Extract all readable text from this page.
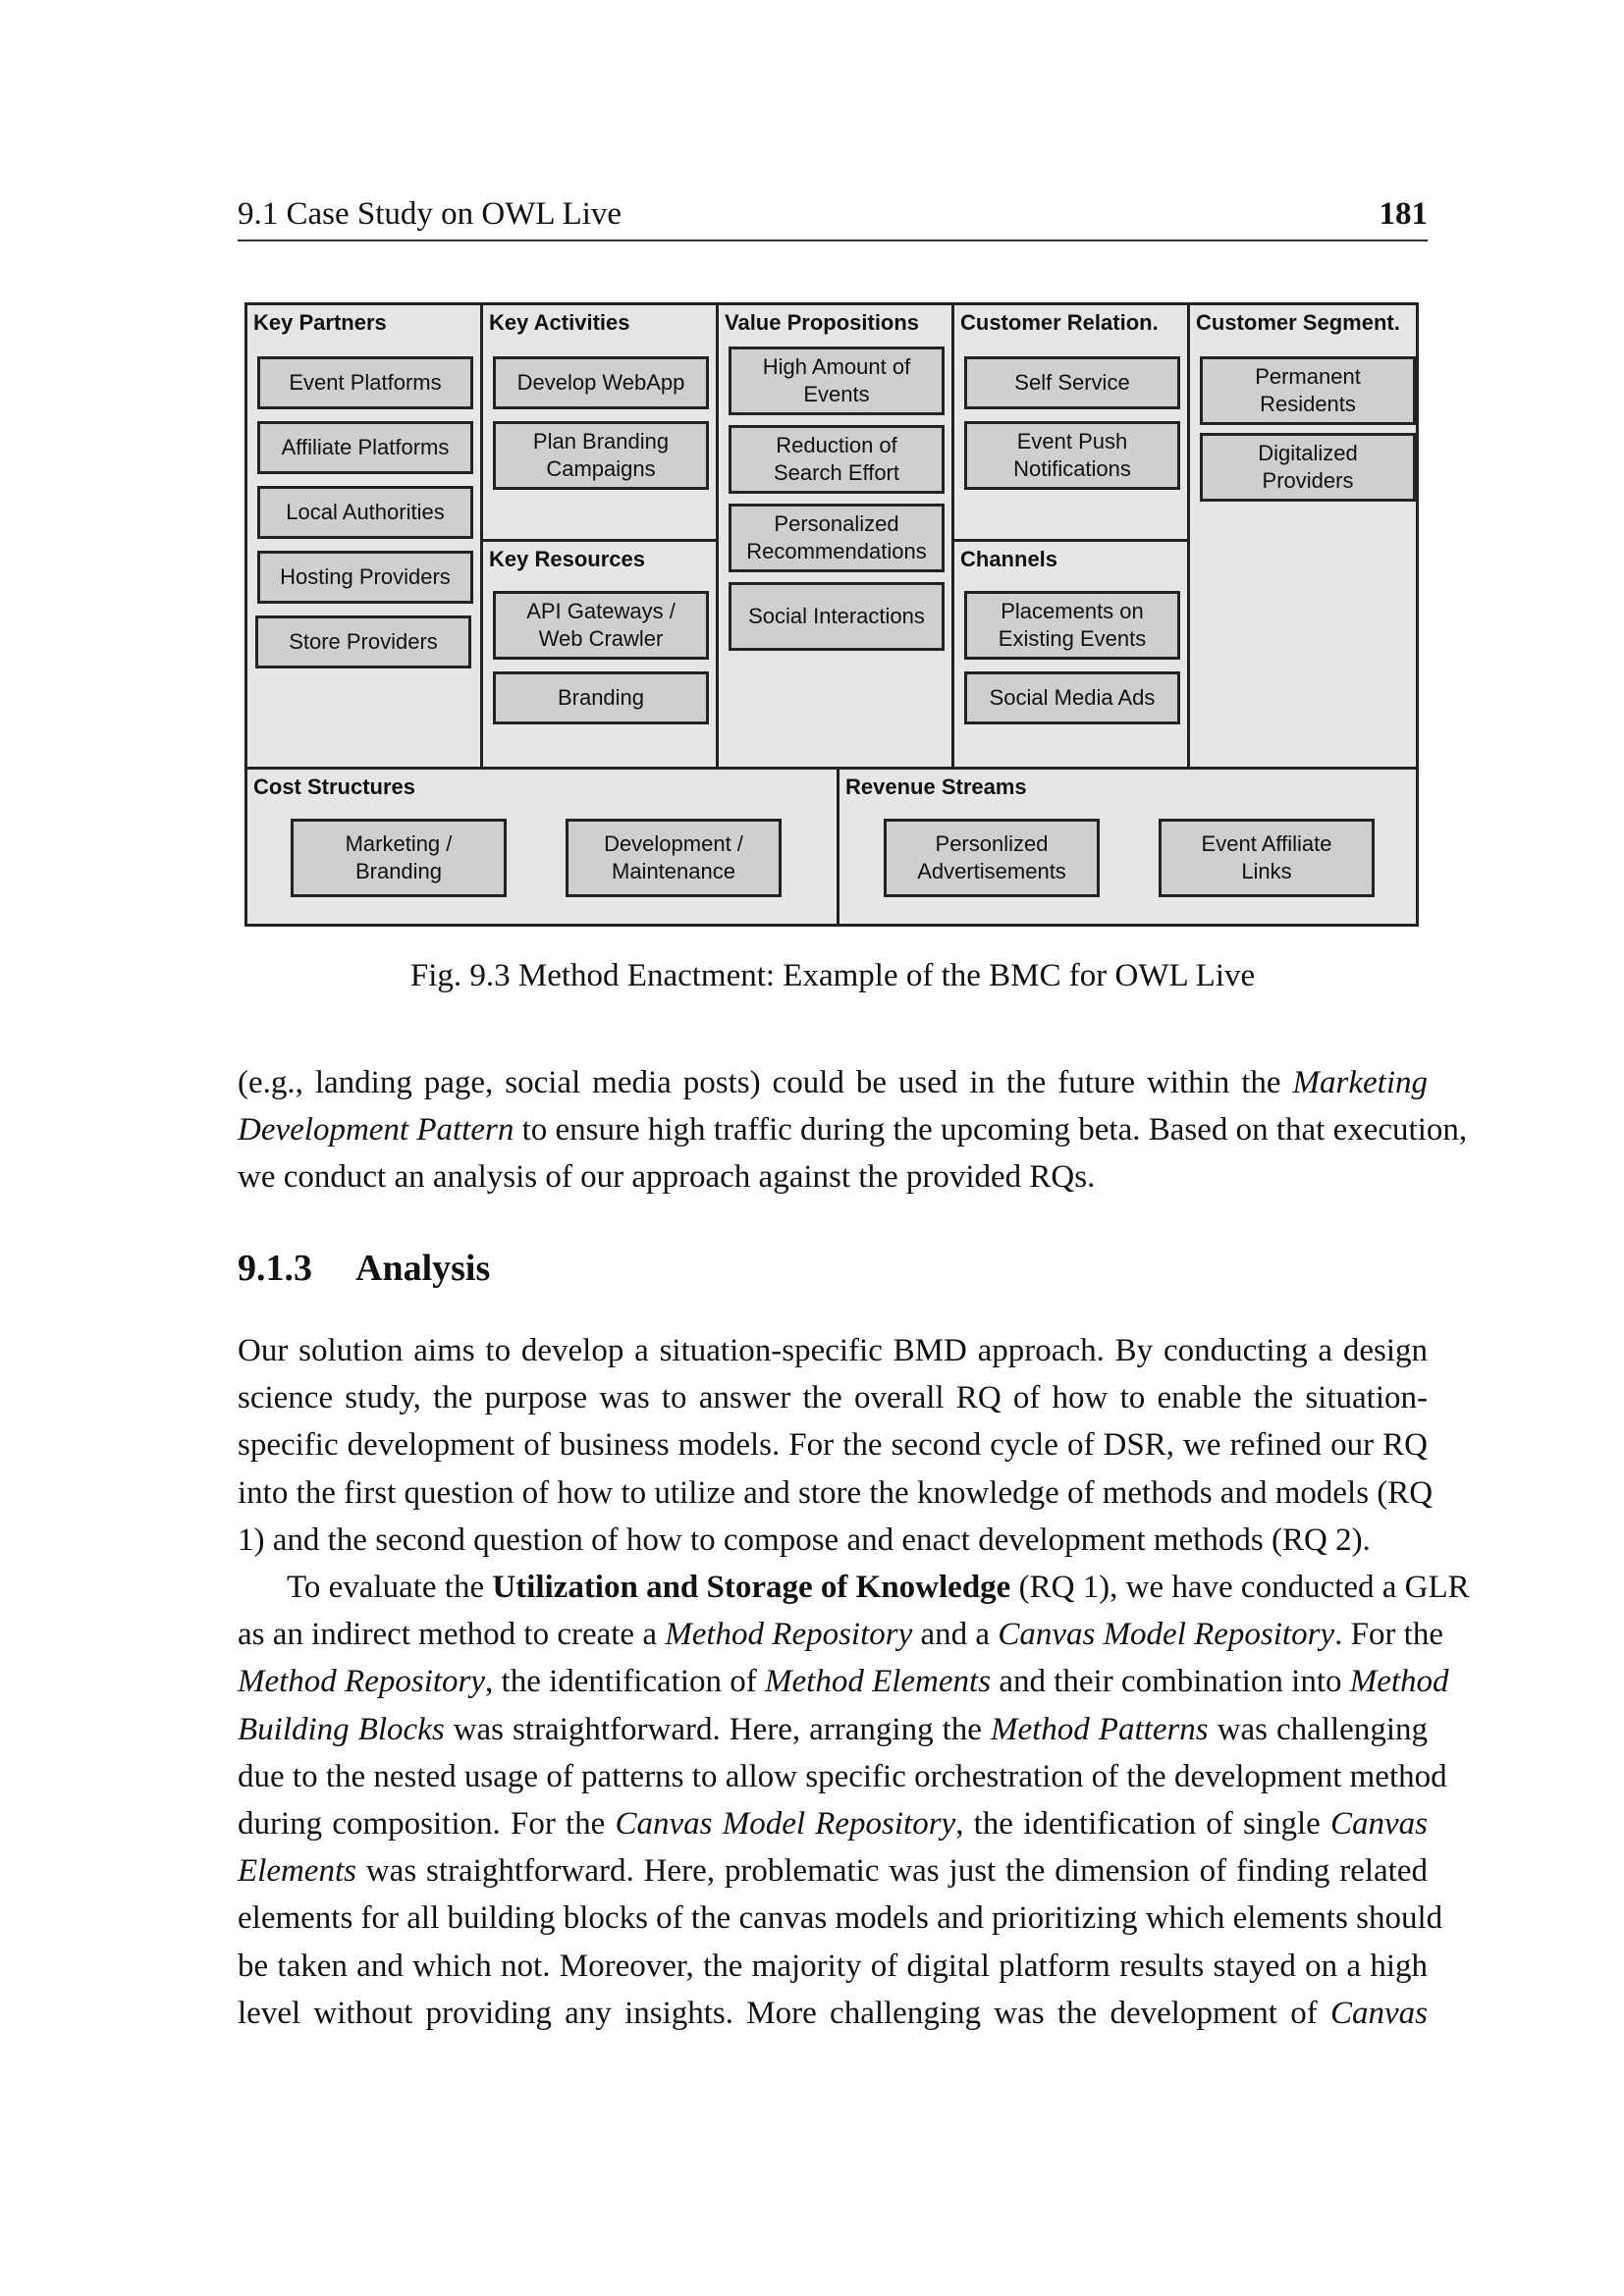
9.1 Case Study on OWL Live	181
Key Partners
Event Platforms
Affiliate Platforms
Local Authorities
Hosting Providers
Store Providers
Key Activities
Develop WebApp
Plan Branding
Campaigns
Key Resources
API Gateways /
Web Crawler
Branding
Value Propositions
High Amount of
Events
Reduction of
Search Effort
Personalized
Recommendations
Social Interactions
Customer Relation.
Self Service
Event Push
Notifications
Channels
Placements on
Existing Events
Social Media Ads
Customer Segment.
Permanent
Residents
Digitalized
Providers
Cost Structures
Marketing /
Branding
Development /
Maintenance
Revenue Streams
Personlized
Advertisements
Event Affiliate
Links
Fig. 9.3 Method Enactment: Example of the BMC for OWL Live
(e.g., landing page, social media posts) could be used in the future within the Marketing
Development Pattern to ensure high traffic during the upcoming beta. Based on that execution,
we conduct an analysis of our approach against the provided RQs.
9.1.3 Analysis
Our solution aims to develop a situation-specific BMD approach. By conducting a design
science study, the purpose was to answer the overall RQ of how to enable the situation-
specific development of business models. For the second cycle of DSR, we refined our RQ
into the first question of how to utilize and store the knowledge of methods and models (RQ
1) and the second question of how to compose and enact development methods (RQ 2).
To evaluate the Utilization and Storage of Knowledge (RQ 1), we have conducted a GLR
as an indirect method to create a Method Repository and a Canvas Model Repository. For the
Method Repository, the identification of Method Elements and their combination into Method
Building Blocks was straightforward. Here, arranging the Method Patterns was challenging
due to the nested usage of patterns to allow specific orchestration of the development method
during composition. For the Canvas Model Repository, the identification of single Canvas
Elements was straightforward. Here, problematic was just the dimension of finding related
elements for all building blocks of the canvas models and prioritizing which elements should
be taken and which not. Moreover, the majority of digital platform results stayed on a high
level without providing any insights. More challenging was the development of Canvas
